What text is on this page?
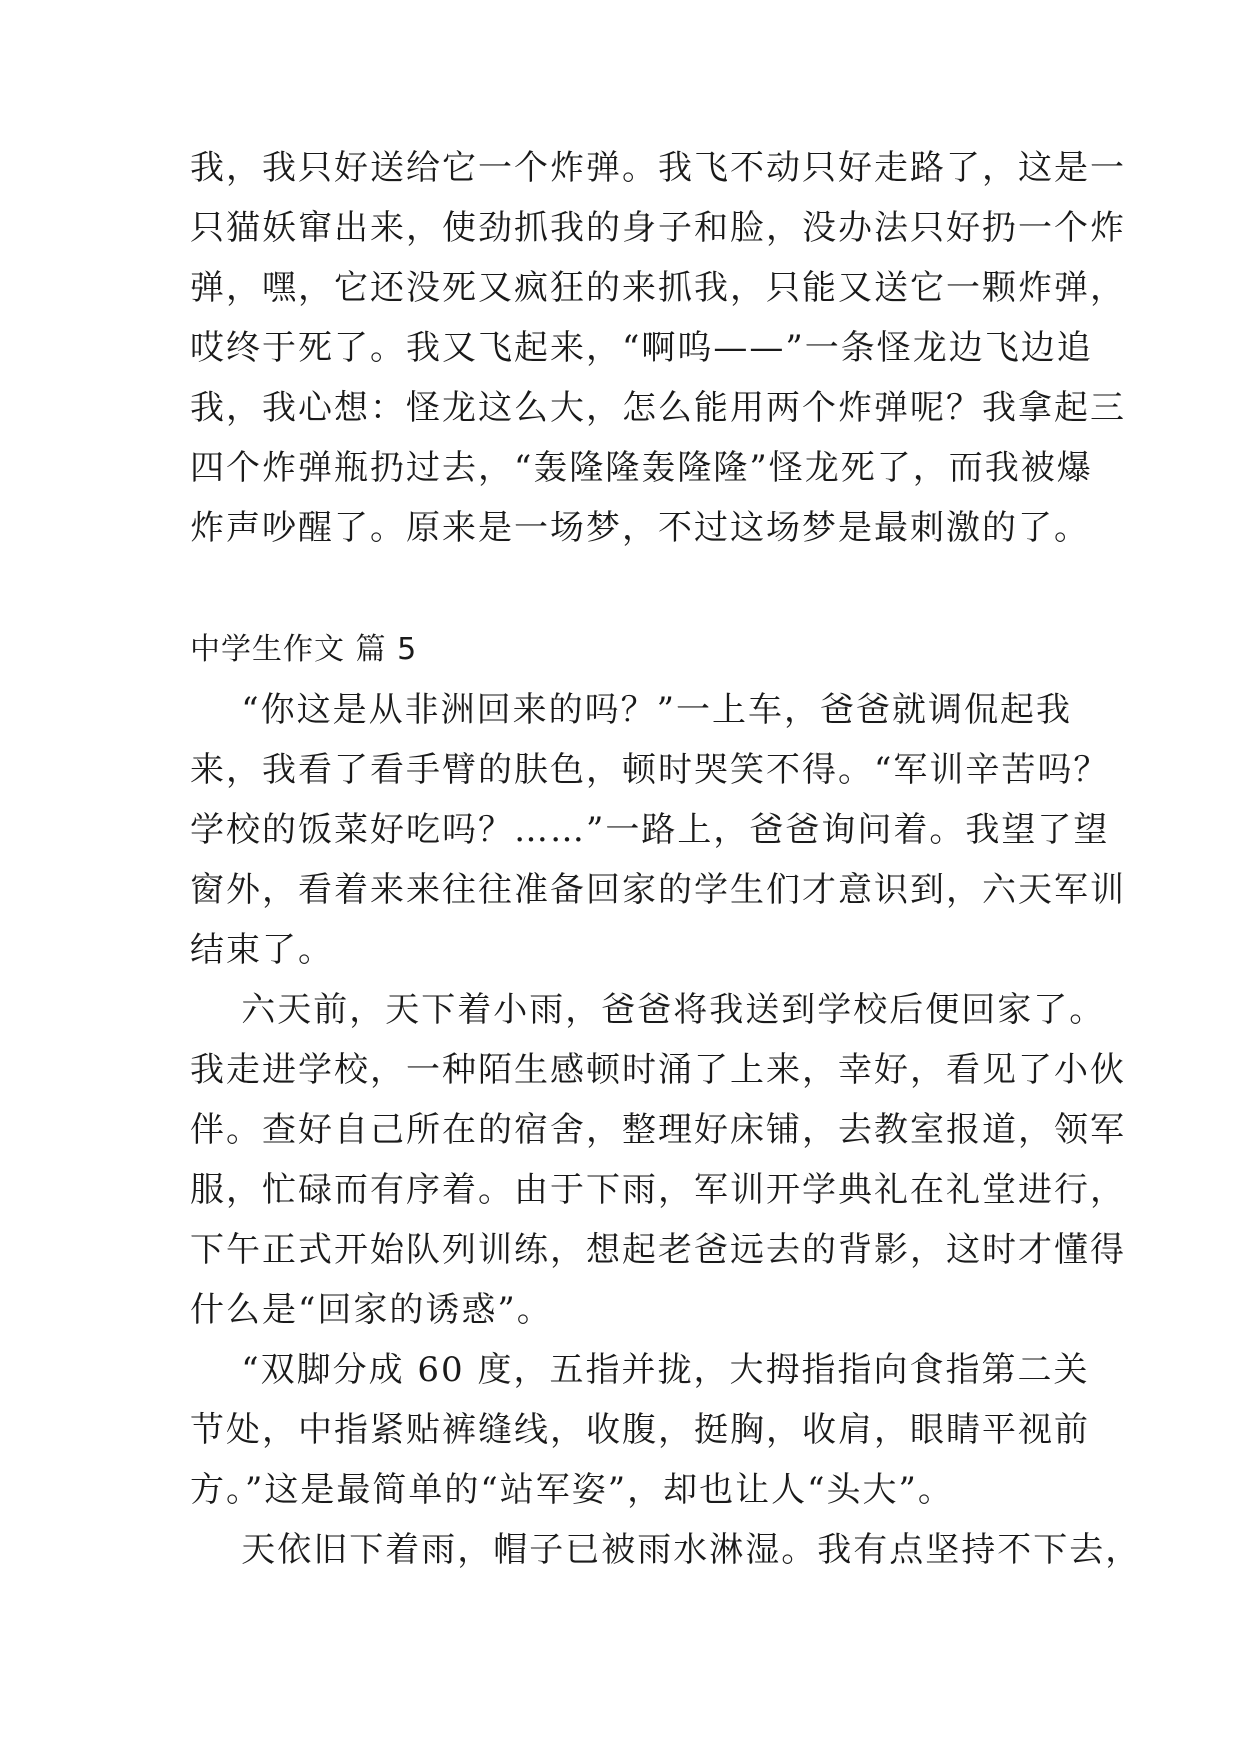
我，我只好送给它一个炸弹。我飞不动只好走路了，这是一
只猫妖窜出来，使劲抓我的身子和脸，没办法只好扔一个炸
弹，嘿，它还没死又疯狂的来抓我，只能又送它一颗炸弹，
哎终于死了。我又飞起来，“啊呜——”一条怪龙边飞边追
我，我心想：怪龙这么大，怎么能用两个炸弹呢？我拿起三
四个炸弹瓶扔过去，“轰隆隆轰隆隆”怪龙死了，而我被爆
炸声吵醒了。原来是一场梦，不过这场梦是最刺激的了。
中学生作文 篇 5
“你这是从非洲回来的吗？”一上车，爸爸就调侃起我
来，我看了看手臂的肤色，顿时哭笑不得。“军训辛苦吗？
学校的饭菜好吃吗？……”一路上，爸爸询问着。我望了望
窗外，看着来来往往准备回家的学生们才意识到，六天军训
结束了。
六天前，天下着小雨，爸爸将我送到学校后便回家了。
我走进学校，一种陌生感顿时涌了上来，幸好，看见了小伙
伴。查好自己所在的宿舍，整理好床铺，去教室报道，领军
服，忙碌而有序着。由于下雨，军训开学典礼在礼堂进行，
下午正式开始队列训练，想起老爸远去的背影，这时才懂得
什么是“回家的诱惑”。
“双脚分成 60 度，五指并拢，大拇指指向食指第二关
节处，中指紧贴裤缝线，收腹，挺胸，收肩，眼睛平视前
方。”这是最简单的“站军姿”，却也让人“头大”。
天依旧下着雨，帽子已被雨水淋湿。我有点坚持不下去，
